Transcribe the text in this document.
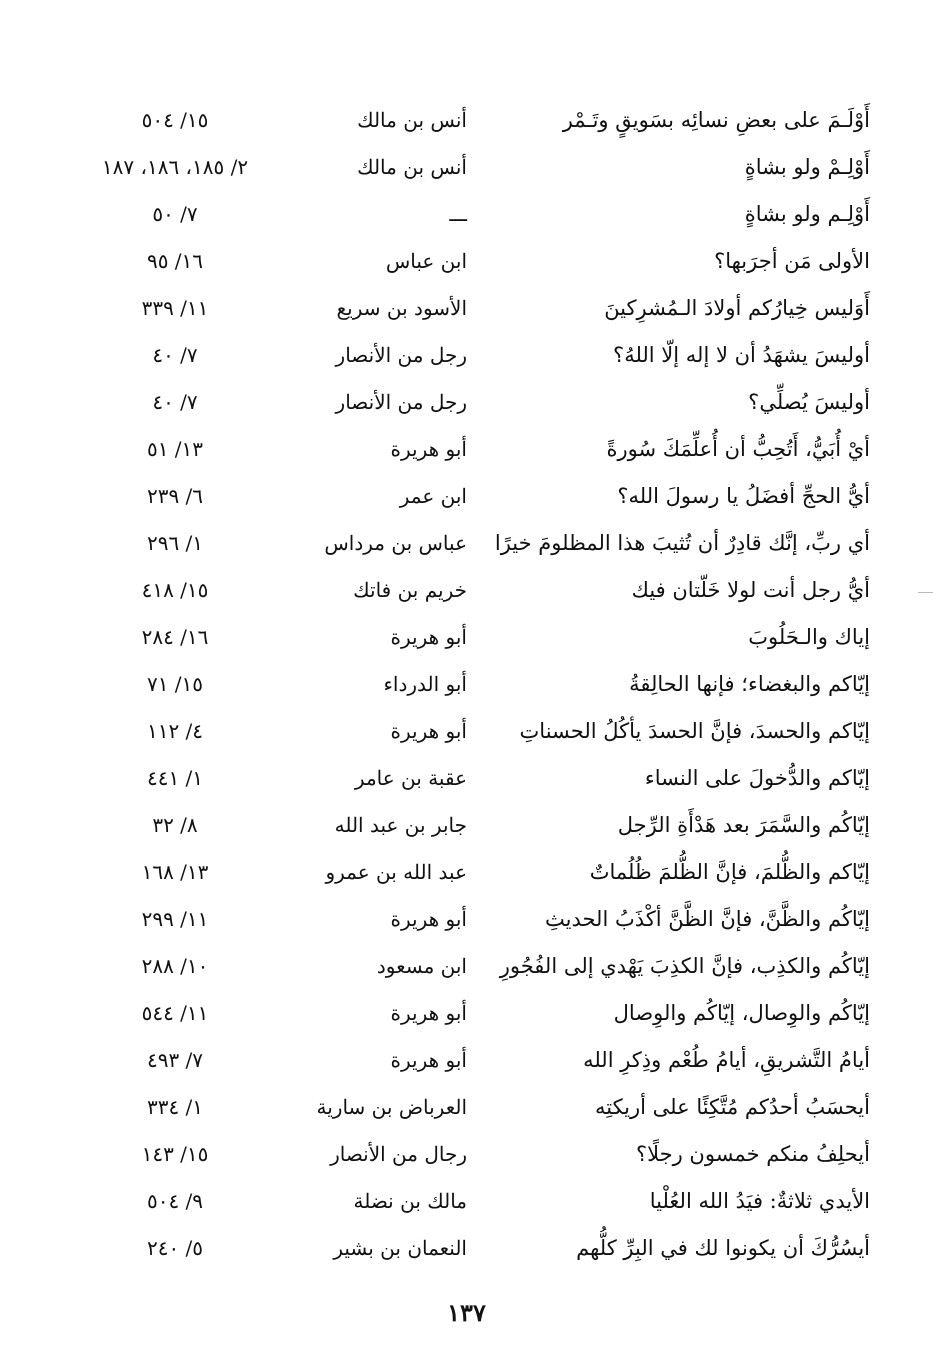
أَوْلَـمَ على بعضِ نسائِه بسَويقٍ وتَـمْر
أنس بن مالك
١٥/ ٥٠٤
أَوْلِـمْ ولو بشاةٍ
أنس بن مالك
٢/ ١٨٥، ١٨٦، ١٨٧
أَوْلِـم ولو بشاةٍ
ـــ
٧/ ٥٠
الأولى مَن أجرَبها؟
ابن عباس
١٦/ ٩٥
أَوَليس خِيارُكم أولادَ الـمُشرِكينَ
الأسود بن سريع
١١/ ٣٣٩
أوليسَ يشهَدُ أن لا إله إلّا اللهُ؟
رجل من الأنصار
٧/ ٤٠
أوليسَ يُصلِّي؟
رجل من الأنصار
٧/ ٤٠
أيْ أُبَيُّ، أَتُحِبُّ أن أُعلِّمَكَ سُورةً
أبو هريرة
١٣/ ٥١
أيُّ الحجِّ أفضَلُ يا رسولَ الله؟
ابن عمر
٦/ ٢٣٩
أي ربِّ، إنَّك قادِرٌ أن تُثيبَ هذا المظلومَ خيرًا
عباس بن مرداس
١/ ٢٩٦
أيُّ رجل أنت لولا خَلّتان فيك
خريم بن فاتك
١٥/ ٤١٨
إياك والـحَلُوبَ
أبو هريرة
١٦/ ٢٨٤
إيّاكم والبغضاء؛ فإنها الحالِقةُ
أبو الدرداء
١٥/ ٧١
إيّاكم والحسدَ، فإنَّ الحسدَ يأكُلُ الحسناتِ
أبو هريرة
٤/ ١١٢
إيّاكم والدُّخولَ على النساء
عقبة بن عامر
١/ ٤٤١
إيّاكُم والسَّمَرَ بعد هَدْأَةِ الرِّجل
جابر بن عبد الله
٨/ ٣٢
إيّاكم والظُّلمَ، فإنَّ الظُّلمَ ظُلُماتٌ
عبد الله بن عمرو
١٣/ ١٦٨
إيّاكُم والظَّنَّ، فإنَّ الظَّنَّ أكْذَبُ الحديثِ
أبو هريرة
١١/ ٢٩٩
إيّاكُم والكذِب، فإنَّ الكذِبَ يَهْدي إلى الفُجُورِ
ابن مسعود
١٠/ ٢٨٨
إيّاكُم والوِصال، إيّاكُم والوِصال
أبو هريرة
١١/ ٥٤٤
أيامُ التَّشريقِ، أيامُ طُعْم وذِكرِ الله
أبو هريرة
٧/ ٤٩٣
أيحسَبُ أحدُكم مُتَّكِئًا على أريكتِه
العرباض بن سارية
١/ ٣٣٤
أيحلِفُ منكم خمسون رجلًا؟
رجال من الأنصار
١٥/ ١٤٣
الأيدي ثلاثةٌ: فيَدُ الله العُلْيا
مالك بن نضلة
٩/ ٥٠٤
أيسُرُّكَ أن يكونوا لك في البِرِّ كلُّهم
النعمان بن بشير
٥/ ٢٤٠
١٣٧
